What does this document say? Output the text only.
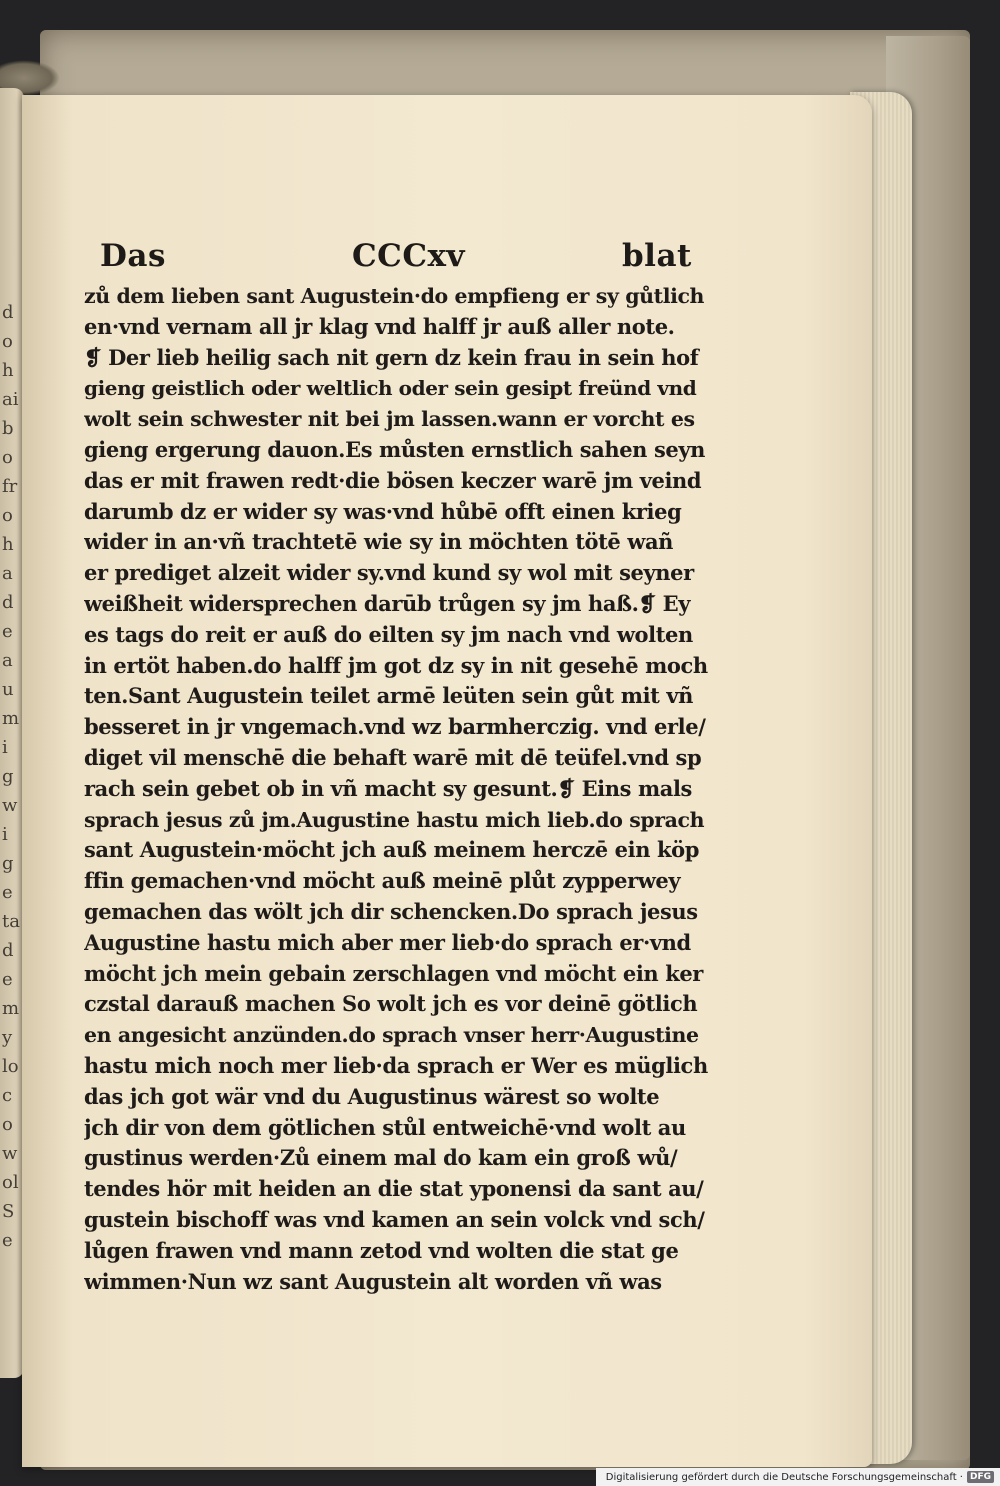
do hai bo fro ha de au mi g wi ge ta de my lo co wol Se
Das	CCCxv	blat
zů dem lieben sant Augustein·do empfieng er sy gůtlich
en·vnd vernam all jr klag vnd halff jr auß aller note.
❡ Der lieb heilig sach nit gern dz kein frau in sein hof
gieng geistlich oder weltlich oder sein gesipt freünd vnd
wolt sein schwester nit bei jm lassen.wann er vorcht es
gieng ergerung dauon.Es můsten ernstlich sahen seyn
das er mit frawen redt·die bösen keczer warē jm veind
darumb dz er wider sy was·vnd hůbē offt einen krieg
wider in an·vñ trachtetē wie sy in möchten tötē wañ
er prediget alzeit wider sy.vnd kund sy wol mit seyner
weißheit widersprechen darūb trůgen sy jm haß.❡ Ey
es tags do reit er auß do eilten sy jm nach vnd wolten
in ertöt haben.do halff jm got dz sy in nit gesehē moch
ten.Sant Augustein teilet armē leüten sein gůt mit vñ
besseret in jr vngemach.vnd wz barmherczig. vnd erle/
diget vil menschē die behaft warē mit dē teüfel.vnd sp
rach sein gebet ob in vñ macht sy gesunt.❡ Eins mals
sprach jesus zů jm.Augustine hastu mich lieb.do sprach
sant Augustein·möcht jch auß meinem herczē ein köp
ffin gemachen·vnd möcht auß meinē plůt zypperwey
gemachen das wölt jch dir schencken.Do sprach jesus
Augustine hastu mich aber mer lieb·do sprach er·vnd
möcht jch mein gebain zerschlagen vnd möcht ein ker
czstal darauß machen So wolt jch es vor deinē götlich
en angesicht anzünden.do sprach vnser herr·Augustine
hastu mich noch mer lieb·da sprach er Wer es müglich
das jch got wär vnd du Augustinus wärest so wolte
jch dir von dem götlichen stůl entweichē·vnd wolt au
gustinus werden·Zů einem mal do kam ein groß wů/
tendes hör mit heiden an die stat yponensi da sant au/
gustein bischoff was vnd kamen an sein volck vnd sch/
lůgen frawen vnd mann zetod vnd wolten die stat ge
wimmen·Nun wz sant Augustein alt worden vñ was
Digitalisierung gefördert durch die Deutsche Forschungsgemeinschaft · DFG
